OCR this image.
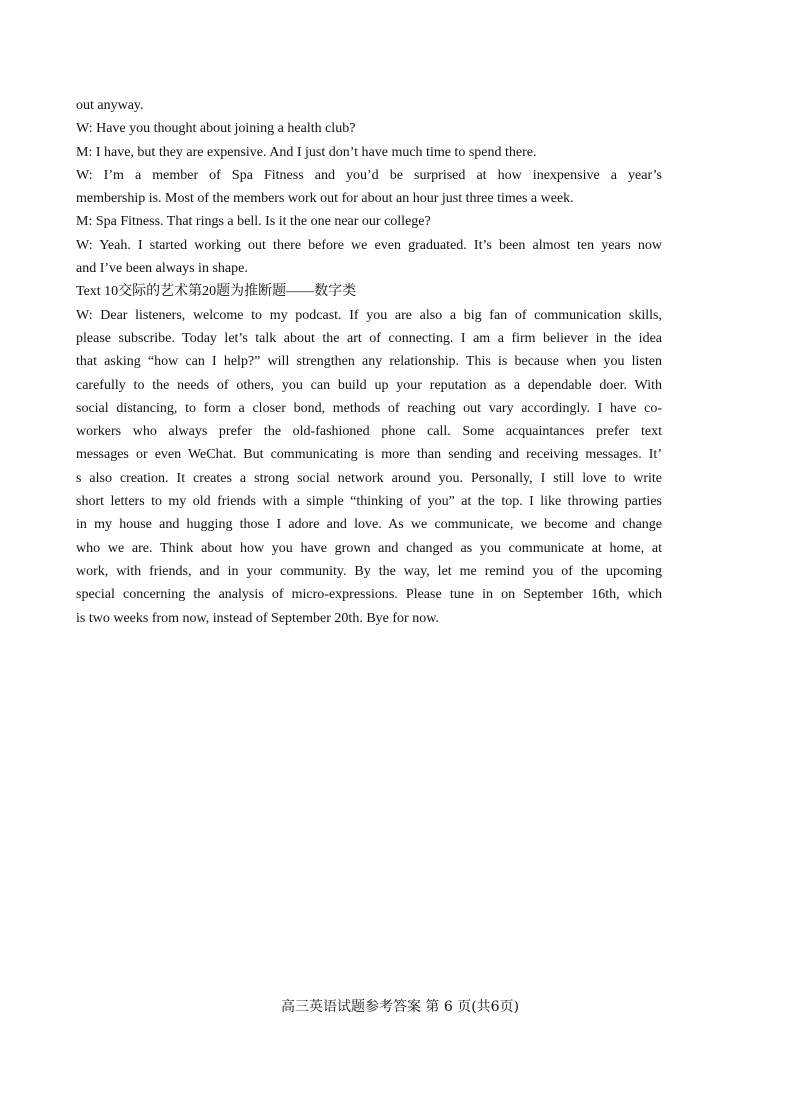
out anyway.
W: Have you thought about joining a health club?
M: I have, but they are expensive. And I just don’t have much time to spend there.
W: I’m a member of Spa Fitness and you’d be surprised at how inexpensive a year’s
membership is. Most of the members work out for about an hour just three times a week.
M: Spa Fitness. That rings a bell. Is it the one near our college?
W: Yeah. I started working out there before we even graduated. It’s been almost ten years now
and I’ve been always in shape.
Text 10交际的艺术第20题为推断题——数字类
W: Dear listeners, welcome to my podcast. If you are also a big fan of communication skills,
please subscribe. Today let’s talk about the art of connecting. I am a firm believer in the idea
that asking “how can I help?” will strengthen any relationship. This is because when you listen
carefully to the needs of others, you can build up your reputation as a dependable doer. With
social distancing, to form a closer bond, methods of reaching out vary accordingly. I have co-
workers who always prefer the old-fashioned phone call. Some acquaintances prefer text
messages or even WeChat. But communicating is more than sending and receiving messages. It’
s also creation. It creates a strong social network around you. Personally, I still love to write
short letters to my old friends with a simple “thinking of you” at the top. I like throwing parties
in my house and hugging those I adore and love. As we communicate, we become and change
who we are. Think about how you have grown and changed as you communicate at home, at
work, with friends, and in your community. By the way, let me remind you of the upcoming
special concerning the analysis of micro-expressions. Please tune in on September 16th, which
is two weeks from now, instead of September 20th. Bye for now.
高三英语试题参考答案 第 6 页(共6页)
